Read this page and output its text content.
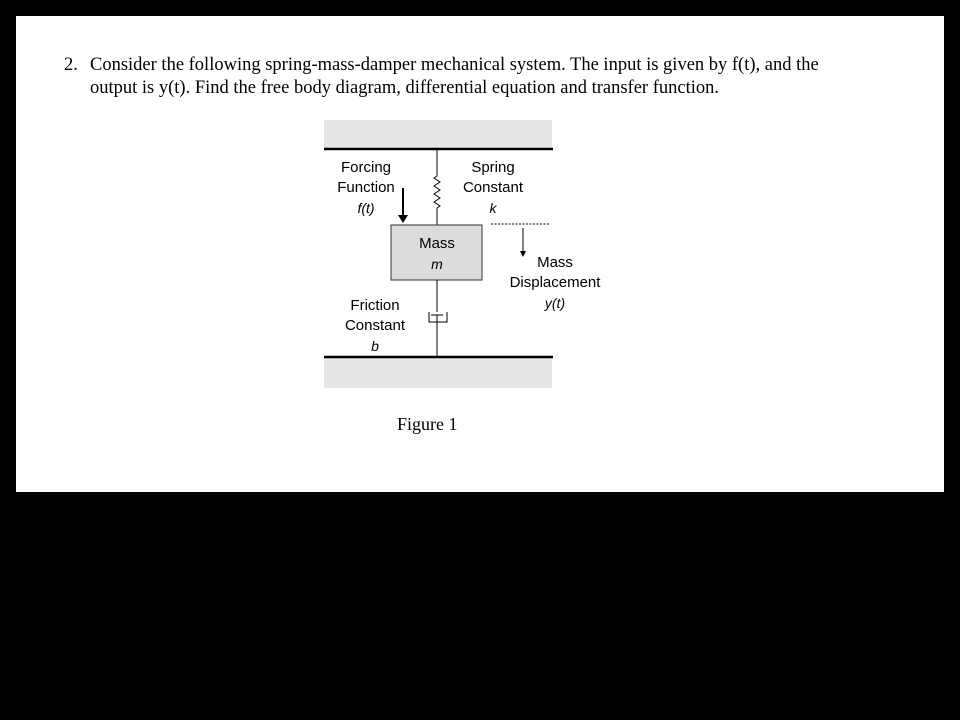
2. Consider the following spring-mass-damper mechanical system. The input is given by f(t), and the output is y(t). Find the free body diagram, differential equation and transfer function.
Mass
m
Forcing
Function
f(t)
Spring
Constant
k
Mass
Displacement
y(t)
Friction
Constant
b
Figure 1
